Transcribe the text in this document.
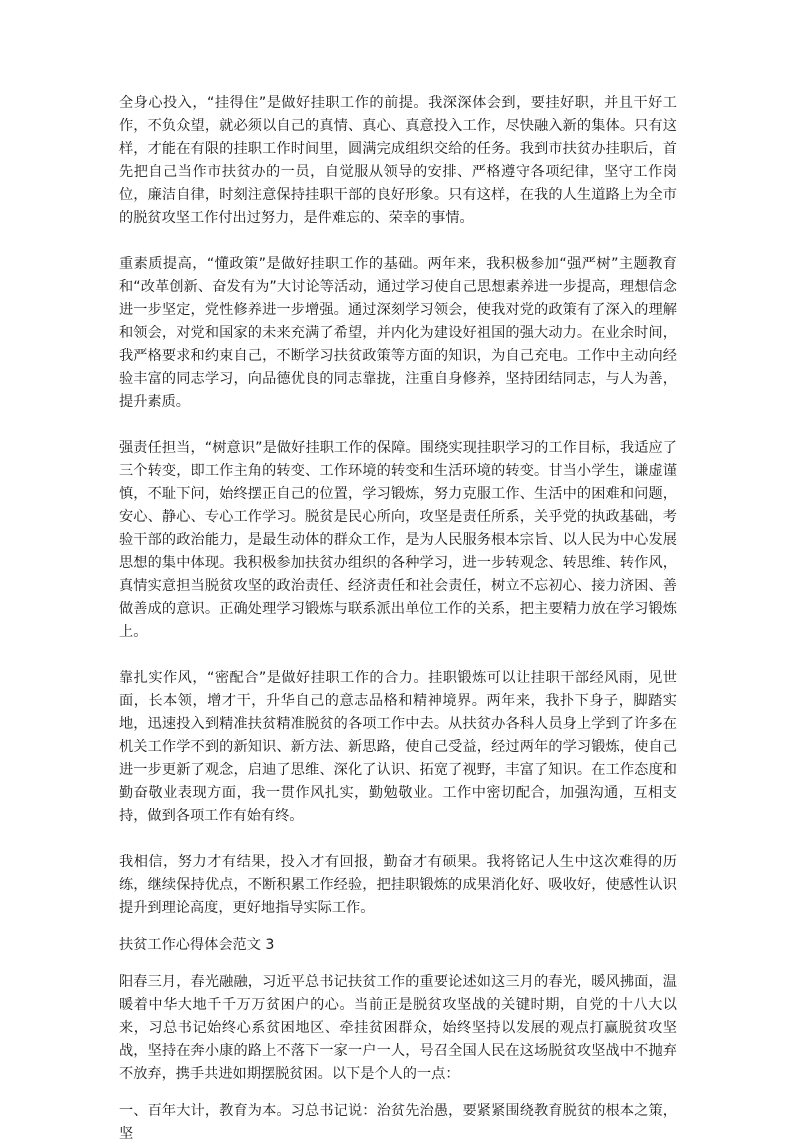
全身心投入，“挂得住”是做好挂职工作的前提。我深深体会到，要挂好职，并且干好工作，不负众望，就必须以自己的真情、真心、真意投入工作，尽快融入新的集体。只有这样，才能在有限的挂职工作时间里，圆满完成组织交给的任务。我到市扶贫办挂职后，首先把自己当作市扶贫办的一员，自觉服从领导的安排、严格遵守各项纪律，坚守工作岗位，廉洁自律，时刻注意保持挂职干部的良好形象。只有这样，在我的人生道路上为全市的脱贫攻坚工作付出过努力，是件难忘的、荣幸的事情。

重素质提高，“懂政策”是做好挂职工作的基础。两年来，我积极参加“强严树”主题教育和“改革创新、奋发有为”大讨论等活动，通过学习使自己思想素养进一步提高，理想信念进一步坚定，党性修养进一步增强。通过深刻学习领会，使我对党的政策有了深入的理解和领会，对党和国家的未来充满了希望，并内化为建设好祖国的强大动力。在业余时间，我严格要求和约束自己，不断学习扶贫政策等方面的知识，为自己充电。工作中主动向经验丰富的同志学习，向品德优良的同志靠拢，注重自身修养，坚持团结同志，与人为善，提升素质。

强责任担当，“树意识”是做好挂职工作的保障。围绕实现挂职学习的工作目标，我适应了三个转变，即工作主角的转变、工作环境的转变和生活环境的转变。甘当小学生，谦虚谨慎，不耻下问，始终摆正自己的位置，学习锻炼，努力克服工作、生活中的困难和问题，安心、静心、专心工作学习。脱贫是民心所向，攻坚是责任所系，关乎党的执政基础，考验干部的政治能力，是最生动体的群众工作，是为人民服务根本宗旨、以人民为中心发展思想的集中体现。我积极参加扶贫办组织的各种学习，进一步转观念、转思维、转作风，真情实意担当脱贫攻坚的政治责任、经济责任和社会责任，树立不忘初心、接力济困、善做善成的意识。正确处理学习锻炼与联系派出单位工作的关系，把主要精力放在学习锻炼上。

靠扎实作风，“密配合”是做好挂职工作的合力。挂职锻炼可以让挂职干部经风雨，见世面，长本领，增才干，升华自己的意志品格和精神境界。两年来，我扑下身子，脚踏实地，迅速投入到精准扶贫精准脱贫的各项工作中去。从扶贫办各科人员身上学到了许多在机关工作学不到的新知识、新方法、新思路，使自己受益，经过两年的学习锻炼，使自己进一步更新了观念，启迪了思维、深化了认识、拓宽了视野，丰富了知识。在工作态度和勤奋敬业表现方面，我一贯作风扎实，勤勉敬业。工作中密切配合，加强沟通，互相支持，做到各项工作有始有终。

我相信，努力才有结果，投入才有回报，勤奋才有硕果。我将铭记人生中这次难得的历练，继续保持优点，不断积累工作经验，把挂职锻炼的成果消化好、吸收好，使感性认识提升到理论高度，更好地指导实际工作。

扶贫工作心得体会范文 3

阳春三月，春光融融，习近平总书记扶贫工作的重要论述如这三月的春光，暖风拂面，温暖着中华大地千千万万贫困户的心。当前正是脱贫攻坚战的关键时期，自党的十八大以来，习总书记始终心系贫困地区、牵挂贫困群众，始终坚持以发展的观点打赢脱贫攻坚战，坚持在奔小康的路上不落下一家一户一人，号召全国人民在这场脱贫攻坚战中不抛弃不放弃，携手共进如期摆脱贫困。以下是个人的一点：

一、百年大计，教育为本。习总书记说：治贫先治愚，要紧紧围绕教育脱贫的根本之策，坚
